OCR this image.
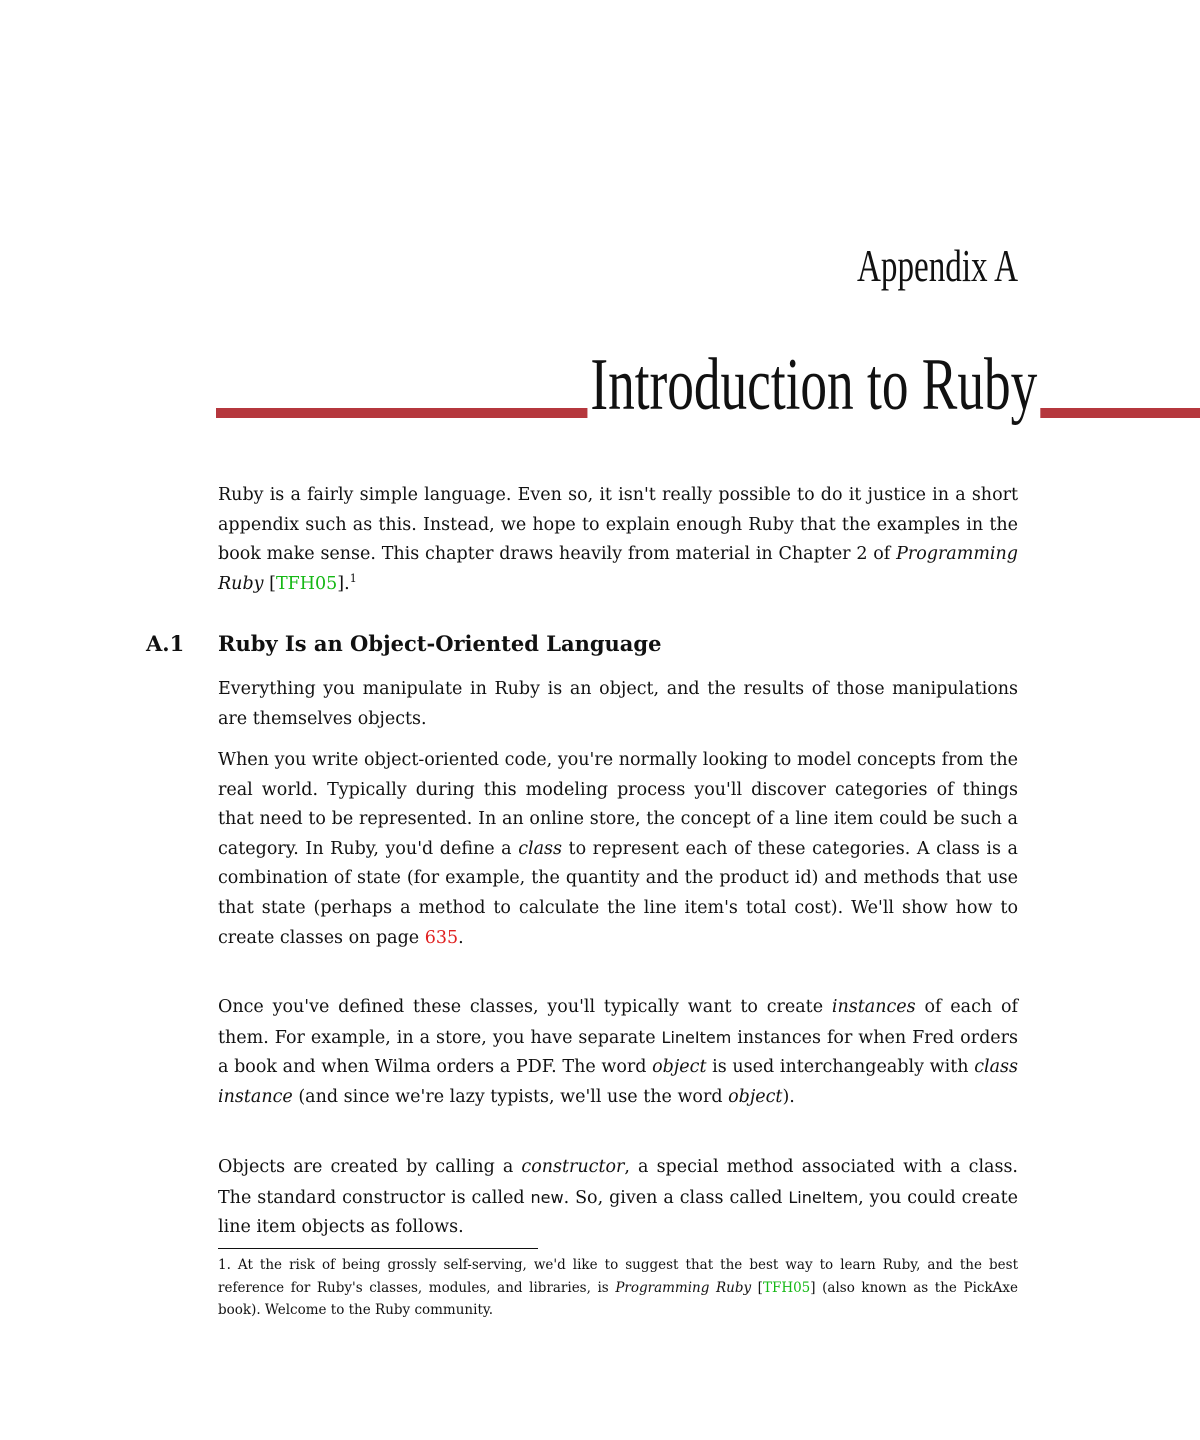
Appendix A
Introduction to Ruby

Ruby is a fairly simple language. Even so, it isn't really possible to do it justice in a short appendix such as this. Instead, we hope to explain enough Ruby that the examples in the book make sense. This chapter draws heavily from material in Chapter 2 of Programming Ruby [TFH05].$^1$

A.1 Ruby Is an Object-Oriented Language

Everything you manipulate in Ruby is an object, and the results of those manipulations are themselves objects.

When you write object-oriented code, you're normally looking to model concepts from the real world. Typically during this modeling process you'll discover categories of things that need to be represented. In an online store, the concept of a line item could be such a category. In Ruby, you'd define a class to represent each of these categories. A class is a combination of state (for example, the quantity and the product id) and methods that use that state (perhaps a method to calculate the line item's total cost). We'll show how to create classes on page 635.

Once you've defined these classes, you'll typically want to create instances of each of them. For example, in a store, you have separate LineItem instances for when Fred orders a book and when Wilma orders a PDF. The word object is used interchangeably with class instance (and since we're lazy typists, we'll use the word object).

Objects are created by calling a constructor, a special method associated with a class. The standard constructor is called new. So, given a class called LineItem, you could create line item objects as follows.

1. At the risk of being grossly self-serving, we'd like to suggest that the best way to learn Ruby, and the best reference for Ruby's classes, modules, and libraries, is Programming Ruby [TFH05] (also known as the PickAxe book). Welcome to the Ruby community.
